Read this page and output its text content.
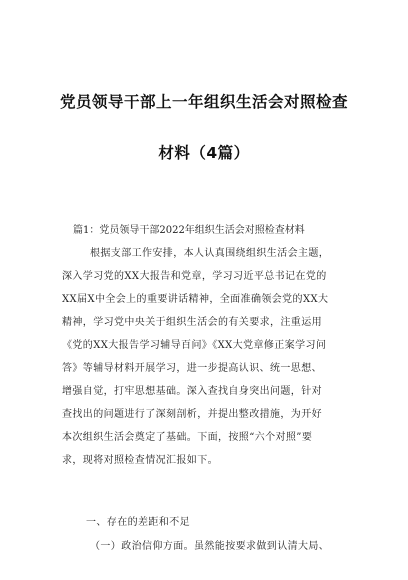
党员领导干部上一年组织生活会对照检查
材料（4篇）
篇1：党员领导干部2022年组织生活会对照检查材料
根据支部工作安排，本人认真围绕组织生活会主题，
深入学习党的XX大报告和党章，学习习近平总书记在党的
XX届X中全会上的重要讲话精神，全面准确领会党的XX大
精神，学习党中央关于组织生活会的有关要求，注重运用
《党的XX大报告学习辅导百问》《XX大党章修正案学习问
答》等辅导材料开展学习，进一步提高认识、统一思想、
增强自觉，打牢思想基础。深入查找自身突出问题，针对
查找出的问题进行了深刻剖析，并提出整改措施，为开好
本次组织生活会奠定了基础。下面，按照“六个对照”要
求，现将对照检查情况汇报如下。
一、存在的差距和不足
（一）政治信仰方面。虽然能按要求做到认清大局、
